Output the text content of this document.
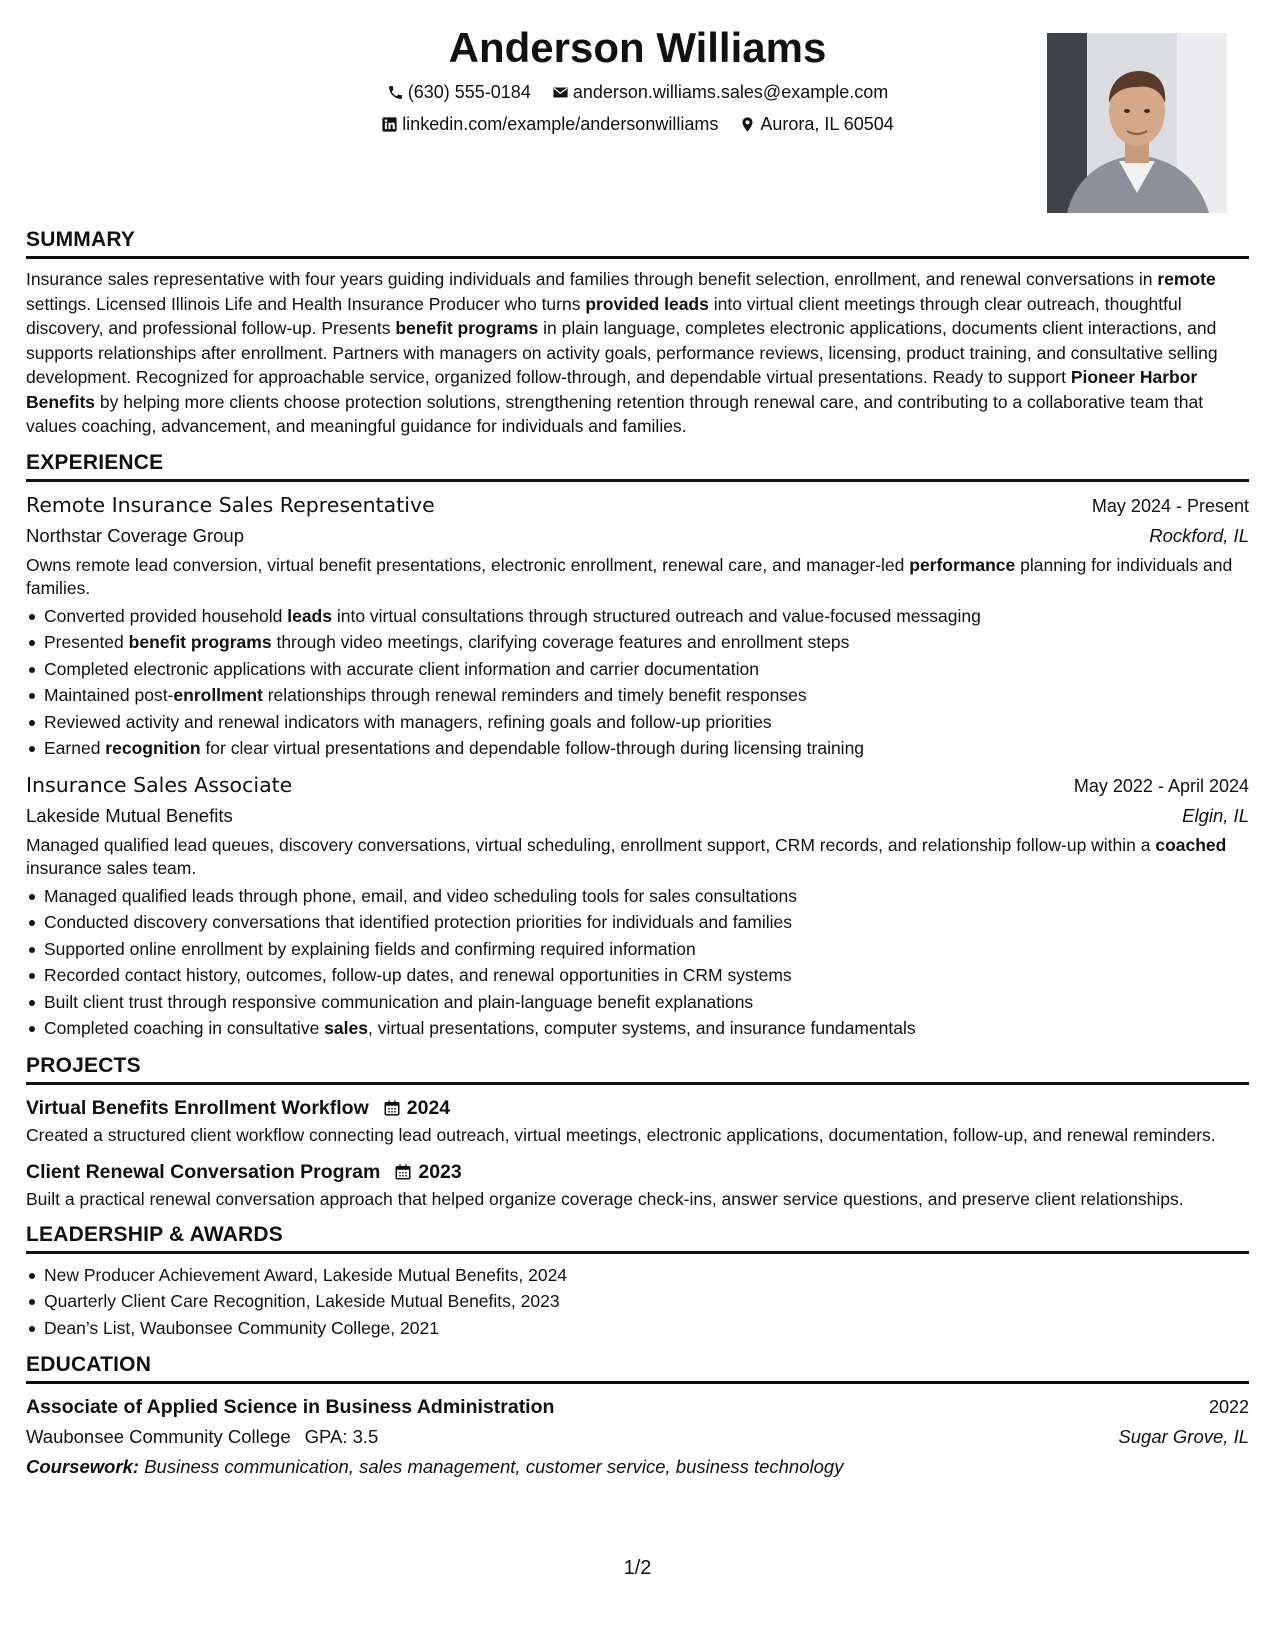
Anderson Williams
(630) 555-0184
anderson.williams.sales@example.com
linkedin.com/example/andersonwilliams
Aurora, IL 60504
SUMMARY

Insurance sales representative with four years guiding individuals and families through benefit selection, enrollment, and renewal conversations in remote settings. Licensed Illinois Life and Health Insurance Producer who turns provided leads into virtual client meetings through clear outreach, thoughtful discovery, and professional follow-up. Presents benefit programs in plain language, completes electronic applications, documents client interactions, and supports relationships after enrollment. Partners with managers on activity goals, performance reviews, licensing, product training, and consultative selling development. Recognized for approachable service, organized follow-through, and dependable virtual presentations. Ready to support Pioneer Harbor Benefits by helping more clients choose protection solutions, strengthening retention through renewal care, and contributing to a collaborative team that values coaching, advancement, and meaningful guidance for individuals and families.

EXPERIENCE
Remote Insurance Sales Representative	May 2024 - Present
Northstar Coverage Group	Rockford, IL

Owns remote lead conversion, virtual benefit presentations, electronic enrollment, renewal care, and manager-led performance planning for individuals and families.

Converted provided household leads into virtual consultations through structured outreach and value-focused messaging
Presented benefit programs through video meetings, clarifying coverage features and enrollment steps
Completed electronic applications with accurate client information and carrier documentation
Maintained post-enrollment relationships through renewal reminders and timely benefit responses
Reviewed activity and renewal indicators with managers, refining goals and follow-up priorities
Earned recognition for clear virtual presentations and dependable follow-through during licensing training
Insurance Sales Associate	May 2022 - April 2024
Lakeside Mutual Benefits	Elgin, IL

Managed qualified lead queues, discovery conversations, virtual scheduling, enrollment support, CRM records, and relationship follow-up within a coached insurance sales team.

Managed qualified leads through phone, email, and video scheduling tools for sales consultations
Conducted discovery conversations that identified protection priorities for individuals and families
Supported online enrollment by explaining fields and confirming required information
Recorded contact history, outcomes, follow-up dates, and renewal opportunities in CRM systems
Built client trust through responsive communication and plain-language benefit explanations
Completed coaching in consultative sales, virtual presentations, computer systems, and insurance fundamentals
PROJECTS
Virtual Benefits Enrollment Workflow 2024

Created a structured client workflow connecting lead outreach, virtual meetings, electronic applications, documentation, follow-up, and renewal reminders.

Client Renewal Conversation Program 2023

Built a practical renewal conversation approach that helped organize coverage check-ins, answer service questions, and preserve client relationships.

LEADERSHIP & AWARDS
New Producer Achievement Award, Lakeside Mutual Benefits, 2024
Quarterly Client Care Recognition, Lakeside Mutual Benefits, 2023
Dean’s List, Waubonsee Community College, 2021
EDUCATION
Associate of Applied Science in Business Administration	2022
Waubonsee Community College GPA: 3.5	Sugar Grove, IL
Coursework: Business communication, sales management, customer service, business technology
1/2
